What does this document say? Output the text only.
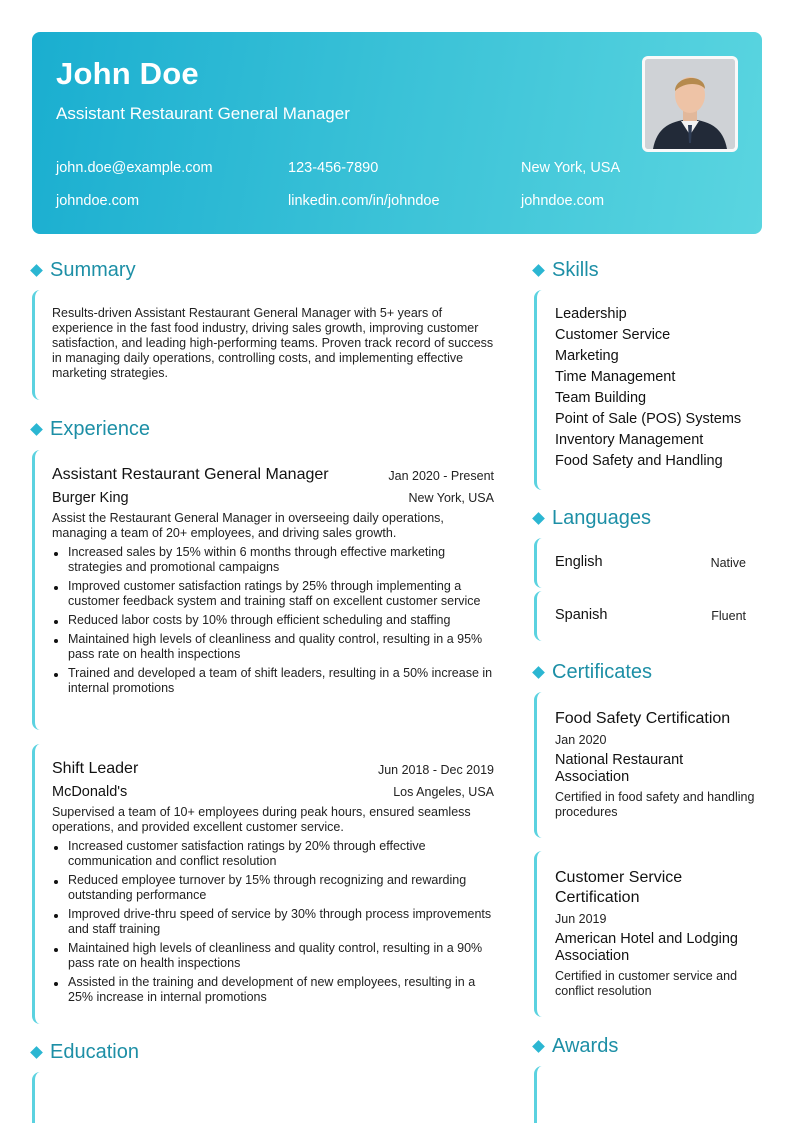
John Doe
Assistant Restaurant General Manager
john.doe@example.com	123-456-7890	New York, USA
johndoe.com	linkedin.com/in/johndoe	johndoe.com
Summary
Results-driven Assistant Restaurant General Manager with 5+ years of experience in the fast food industry, driving sales growth, improving customer satisfaction, and leading high-performing teams. Proven track record of success in managing daily operations, controlling costs, and implementing effective marketing strategies.
Experience
Assistant Restaurant General Manager	Jan 2020 - Present
Burger King	New York, USA
Assist the Restaurant General Manager in overseeing daily operations, managing a team of 20+ employees, and driving sales growth.
Increased sales by 15% within 6 months through effective marketing strategies and promotional campaigns
Improved customer satisfaction ratings by 25% through implementing a customer feedback system and training staff on excellent customer service
Reduced labor costs by 10% through efficient scheduling and staffing
Maintained high levels of cleanliness and quality control, resulting in a 95% pass rate on health inspections
Trained and developed a team of shift leaders, resulting in a 50% increase in internal promotions
Shift Leader	Jun 2018 - Dec 2019
McDonald's	Los Angeles, USA
Supervised a team of 10+ employees during peak hours, ensured seamless operations, and provided excellent customer service.
Increased customer satisfaction ratings by 20% through effective communication and conflict resolution
Reduced employee turnover by 15% through recognizing and rewarding outstanding performance
Improved drive-thru speed of service by 30% through process improvements and staff training
Maintained high levels of cleanliness and quality control, resulting in a 90% pass rate on health inspections
Assisted in the training and development of new employees, resulting in a 25% increase in internal promotions
Education
Skills
Leadership
Customer Service
Marketing
Time Management
Team Building
Point of Sale (POS) Systems
Inventory Management
Food Safety and Handling
Languages
English	Native
Spanish	Fluent
Certificates
Food Safety Certification
Jan 2020
National Restaurant Association
Certified in food safety and handling procedures
Customer Service Certification
Jun 2019
American Hotel and Lodging Association
Certified in customer service and conflict resolution
Awards
